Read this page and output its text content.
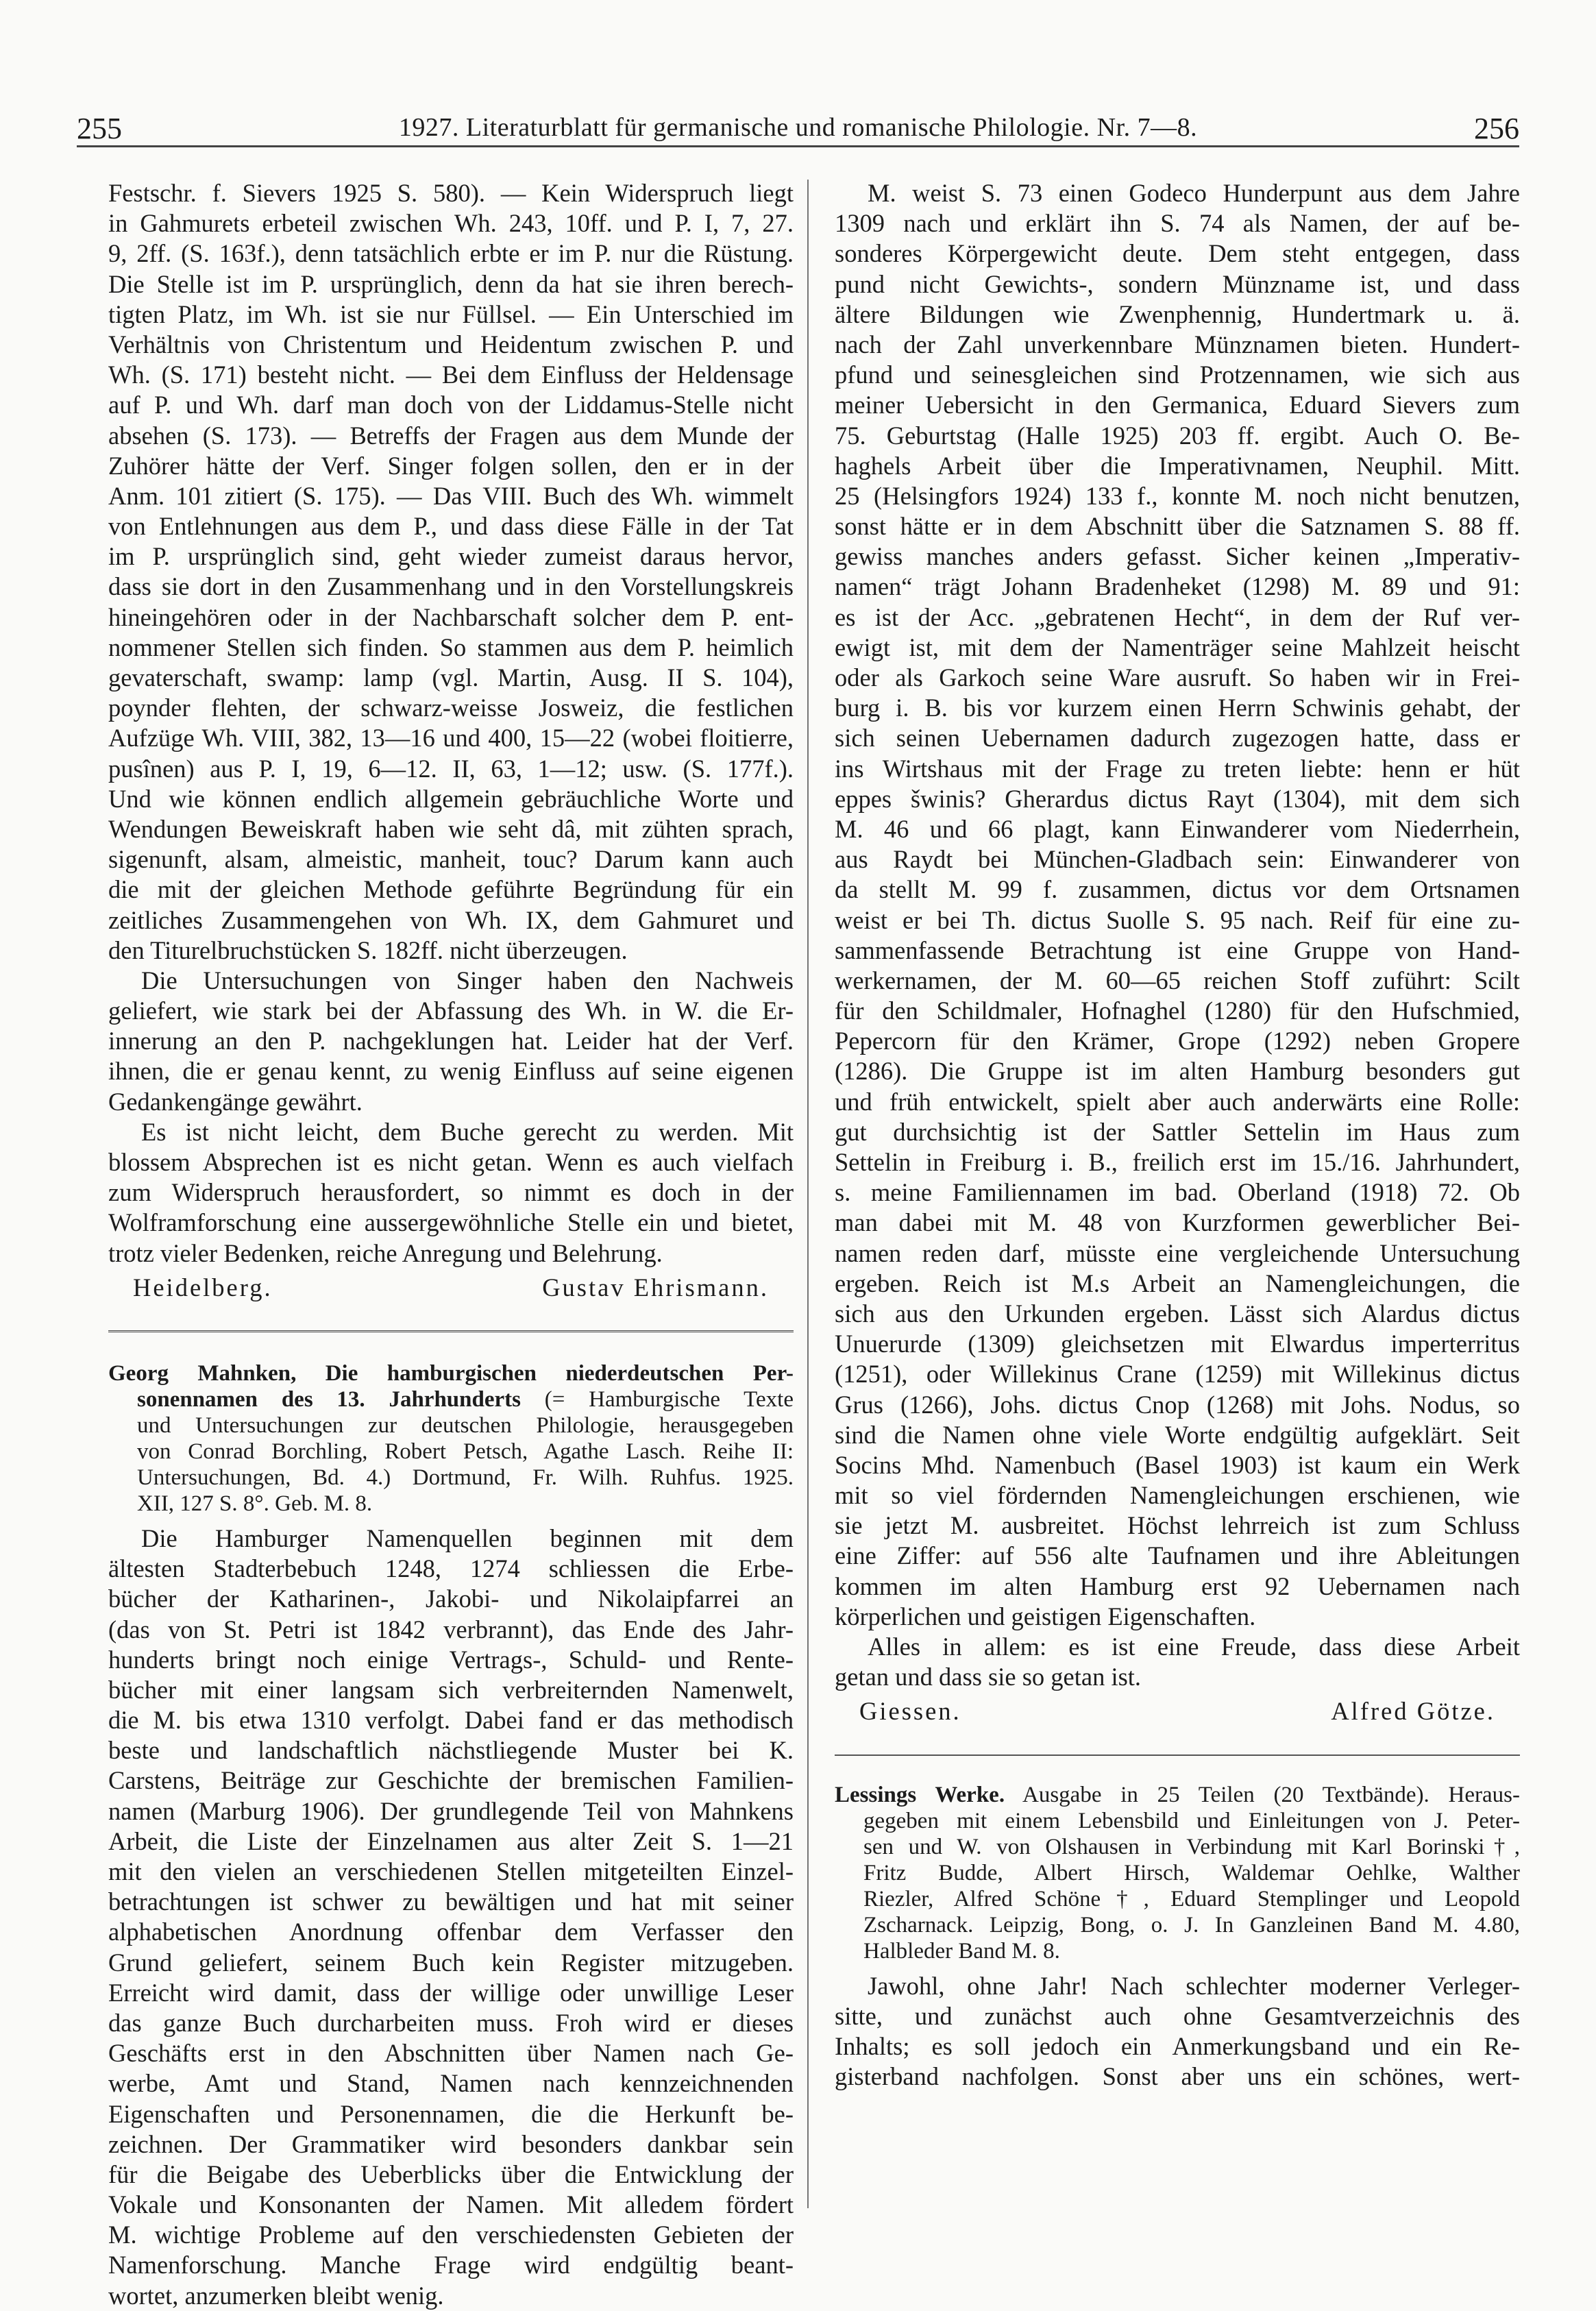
255	1927. Literaturblatt für germanische und romanische Philologie. Nr. 7—8.	256
Festschr. f. Sievers 1925 S. 580). — Kein Widerspruch liegt
in Gahmurets erbeteil zwischen Wh. 243, 10ff. und P. I, 7, 27.
9, 2ff. (S. 163f.), denn tatsächlich erbte er im P. nur die Rüstung.
Die Stelle ist im P. ursprünglich, denn da hat sie ihren berech-
tigten Platz, im Wh. ist sie nur Füllsel. — Ein Unterschied im
Verhältnis von Christentum und Heidentum zwischen P. und
Wh. (S. 171) besteht nicht. — Bei dem Einfluss der Heldensage
auf P. und Wh. darf man doch von der Liddamus-Stelle nicht
absehen (S. 173). — Betreffs der Fragen aus dem Munde der
Zuhörer hätte der Verf. Singer folgen sollen, den er in der
Anm. 101 zitiert (S. 175). — Das VIII. Buch des Wh. wimmelt
von Entlehnungen aus dem P., und dass diese Fälle in der Tat
im P. ursprünglich sind, geht wieder zumeist daraus hervor,
dass sie dort in den Zusammenhang und in den Vorstellungskreis
hineingehören oder in der Nachbarschaft solcher dem P. ent-
nommener Stellen sich finden. So stammen aus dem P. heimlich
gevaterschaft, swamp: lamp (vgl. Martin, Ausg. II S. 104),
poynder flehten, der schwarz-weisse Josweiz, die festlichen
Aufzüge Wh. VIII, 382, 13—16 und 400, 15—22 (wobei floitierre,
pusînen) aus P. I, 19, 6—12. II, 63, 1—12; usw. (S. 177f.).
Und wie können endlich allgemein gebräuchliche Worte und
Wendungen Beweiskraft haben wie seht dâ, mit zühten sprach,
sigenunft, alsam, almeistic, manheit, touc? Darum kann auch
die mit der gleichen Methode geführte Begründung für ein
zeitliches Zusammengehen von Wh. IX, dem Gahmuret und
den Titurelbruchstücken S. 182ff. nicht überzeugen.
Die Untersuchungen von Singer haben den Nachweis
geliefert, wie stark bei der Abfassung des Wh. in W. die Er-
innerung an den P. nachgeklungen hat. Leider hat der Verf.
ihnen, die er genau kennt, zu wenig Einfluss auf seine eigenen
Gedankengänge gewährt.
Es ist nicht leicht, dem Buche gerecht zu werden. Mit
blossem Absprechen ist es nicht getan. Wenn es auch vielfach
zum Widerspruch herausfordert, so nimmt es doch in der
Wolframforschung eine aussergewöhnliche Stelle ein und bietet,
trotz vieler Bedenken, reiche Anregung und Belehrung.
Heidelberg.	Gustav Ehrismann.
Georg Mahnken, Die hamburgischen niederdeutschen Per-
sonennamen des 13. Jahrhunderts (= Hamburgische Texte
und Untersuchungen zur deutschen Philologie, herausgegeben
von Conrad Borchling, Robert Petsch, Agathe Lasch. Reihe II:
Untersuchungen, Bd. 4.) Dortmund, Fr. Wilh. Ruhfus. 1925.
XII, 127 S. 8°. Geb. M. 8.
Die Hamburger Namenquellen beginnen mit dem
ältesten Stadterbebuch 1248, 1274 schliessen die Erbe-
bücher der Katharinen-, Jakobi- und Nikolaipfarrei an
(das von St. Petri ist 1842 verbrannt), das Ende des Jahr-
hunderts bringt noch einige Vertrags-, Schuld- und Rente-
bücher mit einer langsam sich verbreiternden Namenwelt,
die M. bis etwa 1310 verfolgt. Dabei fand er das methodisch
beste und landschaftlich nächstliegende Muster bei K.
Carstens, Beiträge zur Geschichte der bremischen Familien-
namen (Marburg 1906). Der grundlegende Teil von Mahnkens
Arbeit, die Liste der Einzelnamen aus alter Zeit S. 1—21
mit den vielen an verschiedenen Stellen mitgeteilten Einzel-
betrachtungen ist schwer zu bewältigen und hat mit seiner
alphabetischen Anordnung offenbar dem Verfasser den
Grund geliefert, seinem Buch kein Register mitzugeben.
Erreicht wird damit, dass der willige oder unwillige Leser
das ganze Buch durcharbeiten muss. Froh wird er dieses
Geschäfts erst in den Abschnitten über Namen nach Ge-
werbe, Amt und Stand, Namen nach kennzeichnenden
Eigenschaften und Personennamen, die die Herkunft be-
zeichnen. Der Grammatiker wird besonders dankbar sein
für die Beigabe des Ueberblicks über die Entwicklung der
Vokale und Konsonanten der Namen. Mit alledem fördert
M. wichtige Probleme auf den verschiedensten Gebieten der
Namenforschung. Manche Frage wird endgültig beant-
wortet, anzumerken bleibt wenig.
M. weist S. 73 einen Godeco Hunderpunt aus dem Jahre
1309 nach und erklärt ihn S. 74 als Namen, der auf be-
sonderes Körpergewicht deute. Dem steht entgegen, dass
pund nicht Gewichts-, sondern Münzname ist, und dass
ältere Bildungen wie Zwenphennig, Hundertmark u. ä.
nach der Zahl unverkennbare Münznamen bieten. Hundert-
pfund und seinesgleichen sind Protzennamen, wie sich aus
meiner Uebersicht in den Germanica, Eduard Sievers zum
75. Geburtstag (Halle 1925) 203 ff. ergibt. Auch O. Be-
haghels Arbeit über die Imperativnamen, Neuphil. Mitt.
25 (Helsingfors 1924) 133 f., konnte M. noch nicht benutzen,
sonst hätte er in dem Abschnitt über die Satznamen S. 88 ff.
gewiss manches anders gefasst. Sicher keinen „Imperativ-
namen“ trägt Johann Bradenheket (1298) M. 89 und 91:
es ist der Acc. „gebratenen Hecht“, in dem der Ruf ver-
ewigt ist, mit dem der Namenträger seine Mahlzeit heischt
oder als Garkoch seine Ware ausruft. So haben wir in Frei-
burg i. B. bis vor kurzem einen Herrn Schwinis gehabt, der
sich seinen Uebernamen dadurch zugezogen hatte, dass er
ins Wirtshaus mit der Frage zu treten liebte: henn er hüt
eppes šwinis? Gherardus dictus Rayt (1304), mit dem sich
M. 46 und 66 plagt, kann Einwanderer vom Niederrhein,
aus Raydt bei München-Gladbach sein: Einwanderer von
da stellt M. 99 f. zusammen, dictus vor dem Ortsnamen
weist er bei Th. dictus Suolle S. 95 nach. Reif für eine zu-
sammenfassende Betrachtung ist eine Gruppe von Hand-
werkernamen, der M. 60—65 reichen Stoff zuführt: Scilt
für den Schildmaler, Hofnaghel (1280) für den Hufschmied,
Pepercorn für den Krämer, Grope (1292) neben Gropere
(1286). Die Gruppe ist im alten Hamburg besonders gut
und früh entwickelt, spielt aber auch anderwärts eine Rolle:
gut durchsichtig ist der Sattler Settelin im Haus zum
Settelin in Freiburg i. B., freilich erst im 15./16. Jahrhundert,
s. meine Familiennamen im bad. Oberland (1918) 72. Ob
man dabei mit M. 48 von Kurzformen gewerblicher Bei-
namen reden darf, müsste eine vergleichende Untersuchung
ergeben. Reich ist M.s Arbeit an Namengleichungen, die
sich aus den Urkunden ergeben. Lässt sich Alardus dictus
Unuerurde (1309) gleichsetzen mit Elwardus imperterritus
(1251), oder Willekinus Crane (1259) mit Willekinus dictus
Grus (1266), Johs. dictus Cnop (1268) mit Johs. Nodus, so
sind die Namen ohne viele Worte endgültig aufgeklärt. Seit
Socins Mhd. Namenbuch (Basel 1903) ist kaum ein Werk
mit so viel fördernden Namengleichungen erschienen, wie
sie jetzt M. ausbreitet. Höchst lehrreich ist zum Schluss
eine Ziffer: auf 556 alte Taufnamen und ihre Ableitungen
kommen im alten Hamburg erst 92 Uebernamen nach
körperlichen und geistigen Eigenschaften.
Alles in allem: es ist eine Freude, dass diese Arbeit
getan und dass sie so getan ist.
Giessen.	Alfred Götze.
Lessings Werke. Ausgabe in 25 Teilen (20 Textbände). Heraus-
gegeben mit einem Lebensbild und Einleitungen von J. Peter-
sen und W. von Olshausen in Verbindung mit Karl Borinski†,
Fritz Budde, Albert Hirsch, Waldemar Oehlke, Walther
Riezler, Alfred Schöne†, Eduard Stemplinger und Leopold
Zscharnack. Leipzig, Bong, o. J. In Ganzleinen Band M. 4.80,
Halbleder Band M. 8.
Jawohl, ohne Jahr! Nach schlechter moderner Verleger-
sitte, und zunächst auch ohne Gesamtverzeichnis des
Inhalts; es soll jedoch ein Anmerkungsband und ein Re-
gisterband nachfolgen. Sonst aber uns ein schönes, wert-
